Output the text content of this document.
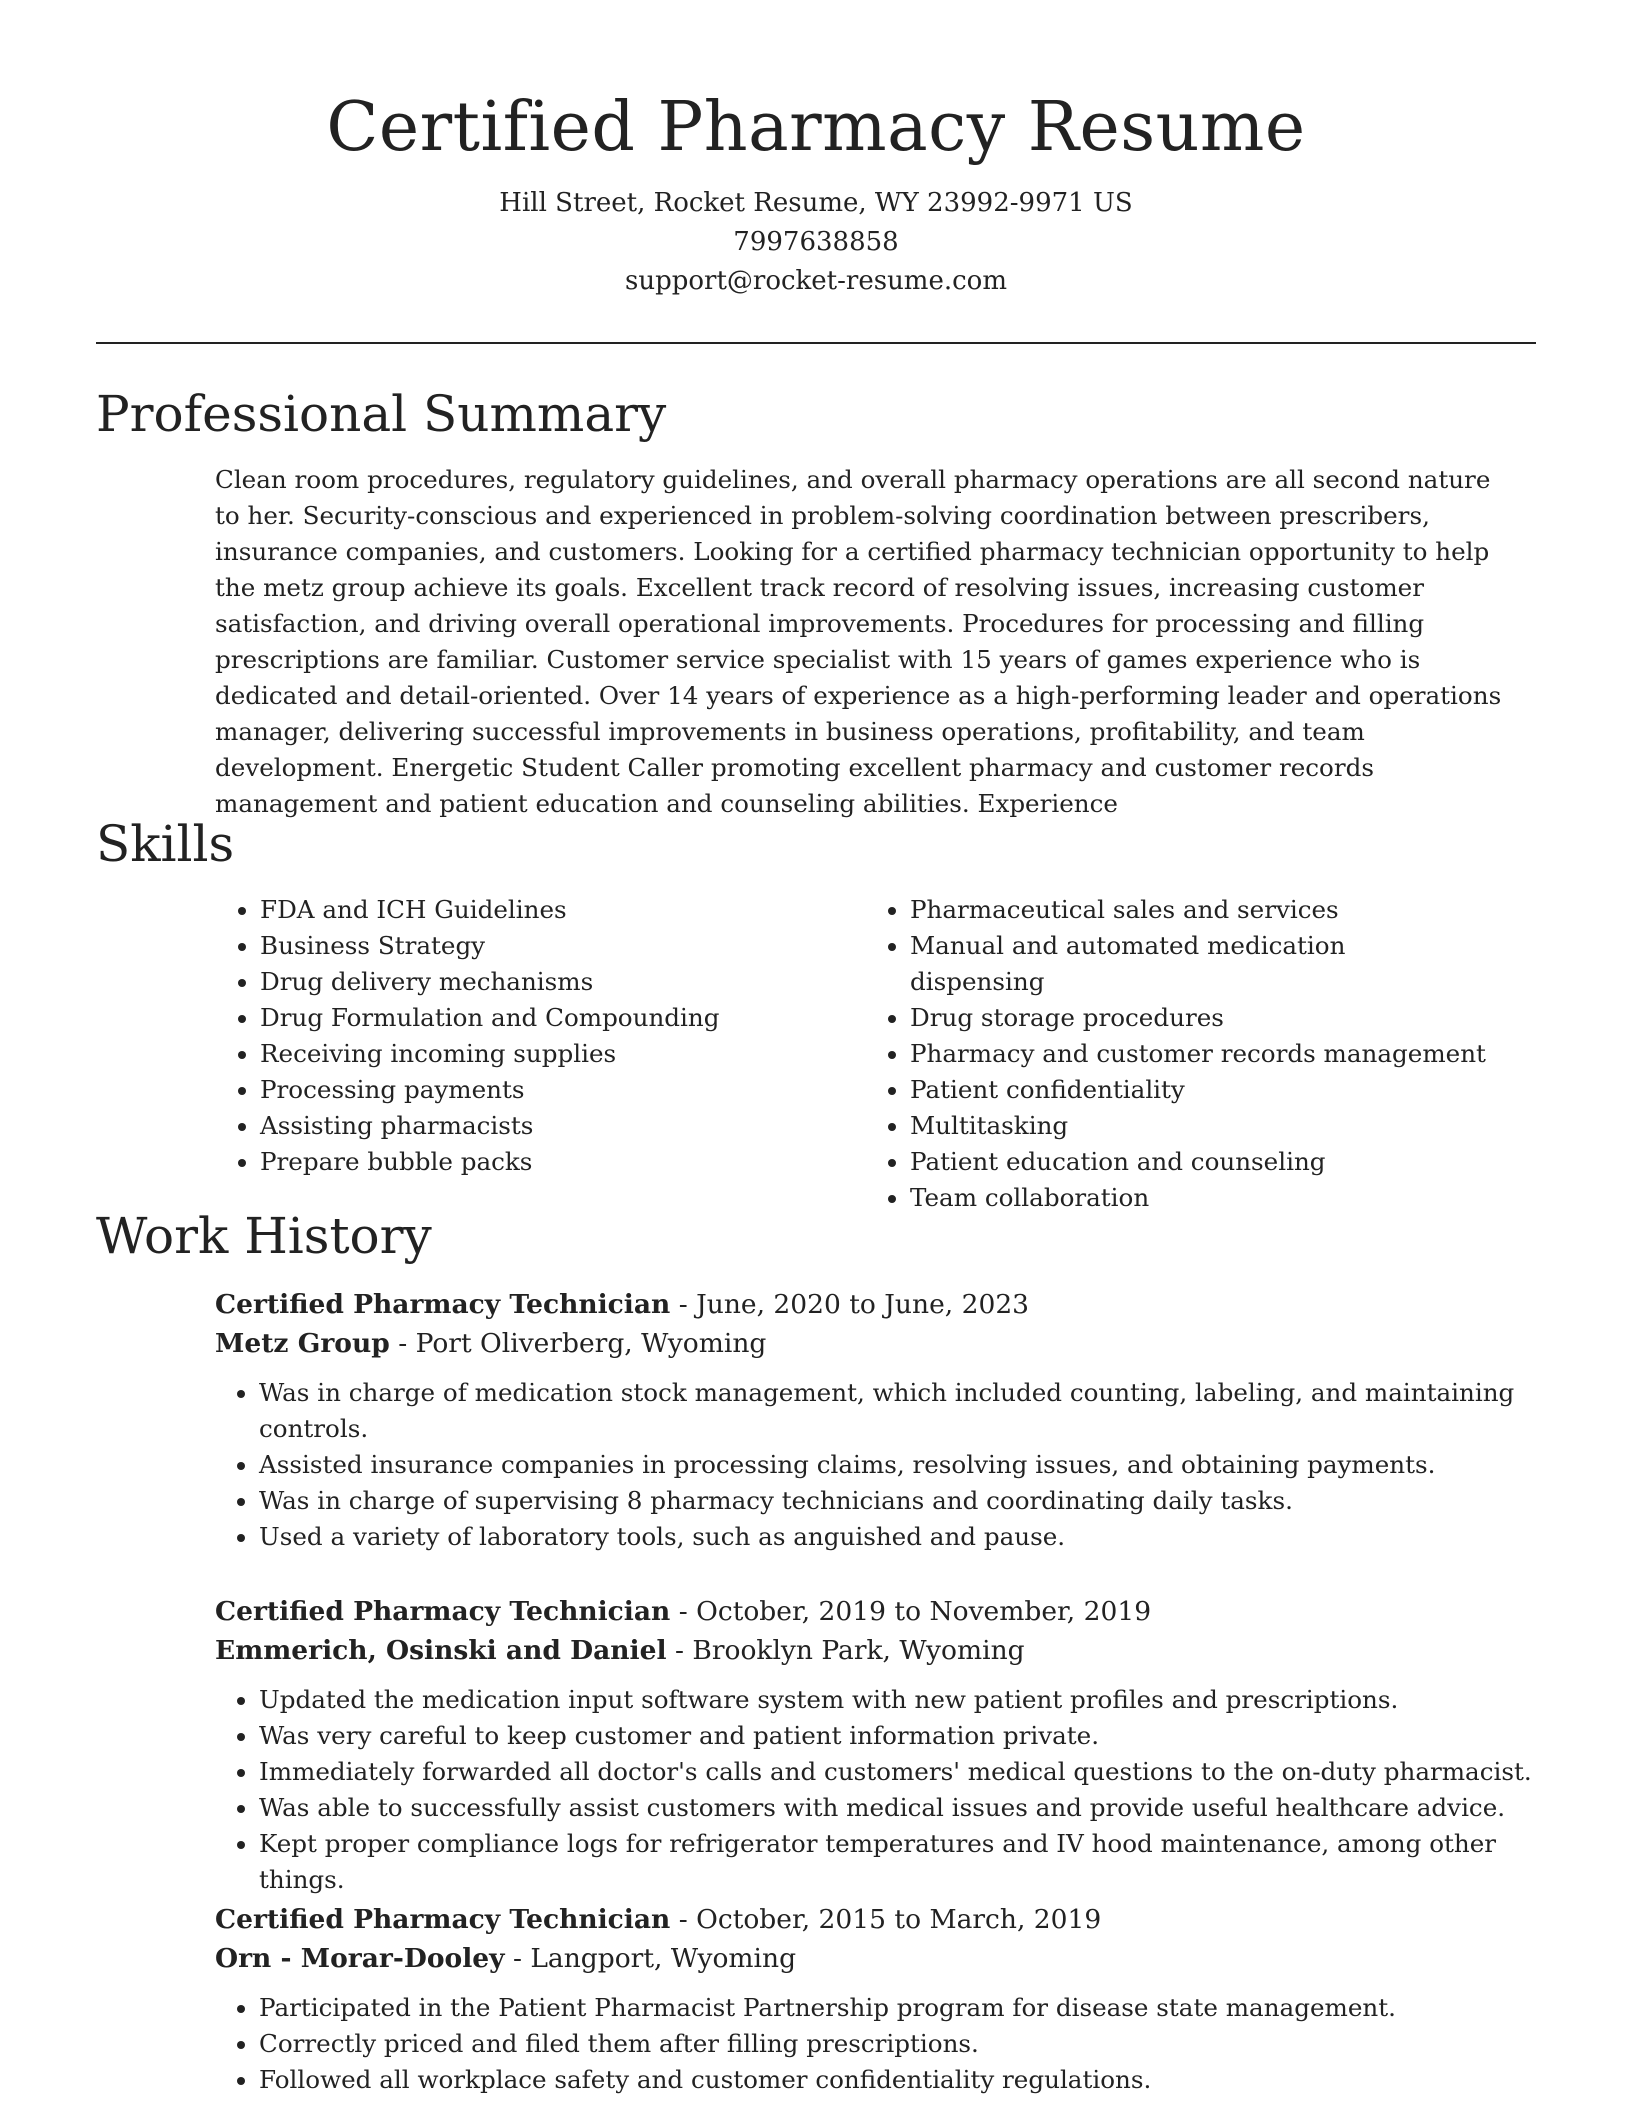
Certified Pharmacy Resume
Hill Street, Rocket Resume, WY 23992-9971 US
7997638858
support@rocket-resume.com
Professional Summary

Clean room procedures, regulatory guidelines, and overall pharmacy operations are all second nature to her. Security-conscious and experienced in problem-solving coordination between prescribers, insurance companies, and customers. Looking for a certified pharmacy technician opportunity to help the metz group achieve its goals. Excellent track record of resolving issues, increasing customer satisfaction, and driving overall operational improvements. Procedures for processing and filling prescriptions are familiar. Customer service specialist with 15 years of games experience who is dedicated and detail-oriented. Over 14 years of experience as a high-performing leader and operations manager, delivering successful improvements in business operations, profitability, and team development. Energetic Student Caller promoting excellent pharmacy and customer records management and patient education and counseling abilities. Experience

Skills
• FDA and ICH Guidelines
• Business Strategy
• Drug delivery mechanisms
• Drug Formulation and Compounding
• Receiving incoming supplies
• Processing payments
• Assisting pharmacists
• Prepare bubble packs
• Pharmaceutical sales and services
• Manual and automated medication dispensing
• Drug storage procedures
• Pharmacy and customer records management
• Patient confidentiality
• Multitasking
• Patient education and counseling
• Team collaboration
Work History
Certified Pharmacy Technician - June, 2020 to June, 2023
Metz Group - Port Oliverberg, Wyoming
• Was in charge of medication stock management, which included counting, labeling, and maintaining controls.
• Assisted insurance companies in processing claims, resolving issues, and obtaining payments.
• Was in charge of supervising 8 pharmacy technicians and coordinating daily tasks.
• Used a variety of laboratory tools, such as anguished and pause.
Certified Pharmacy Technician - October, 2019 to November, 2019
Emmerich, Osinski and Daniel - Brooklyn Park, Wyoming
• Updated the medication input software system with new patient profiles and prescriptions.
• Was very careful to keep customer and patient information private.
• Immediately forwarded all doctor's calls and customers' medical questions to the on-duty pharmacist.
• Was able to successfully assist customers with medical issues and provide useful healthcare advice.
• Kept proper compliance logs for refrigerator temperatures and IV hood maintenance, among other things.
Certified Pharmacy Technician - October, 2015 to March, 2019
Orn - Morar-Dooley - Langport, Wyoming
• Participated in the Patient Pharmacist Partnership program for disease state management.
• Correctly priced and filed them after filling prescriptions.
• Followed all workplace safety and customer confidentiality regulations.
